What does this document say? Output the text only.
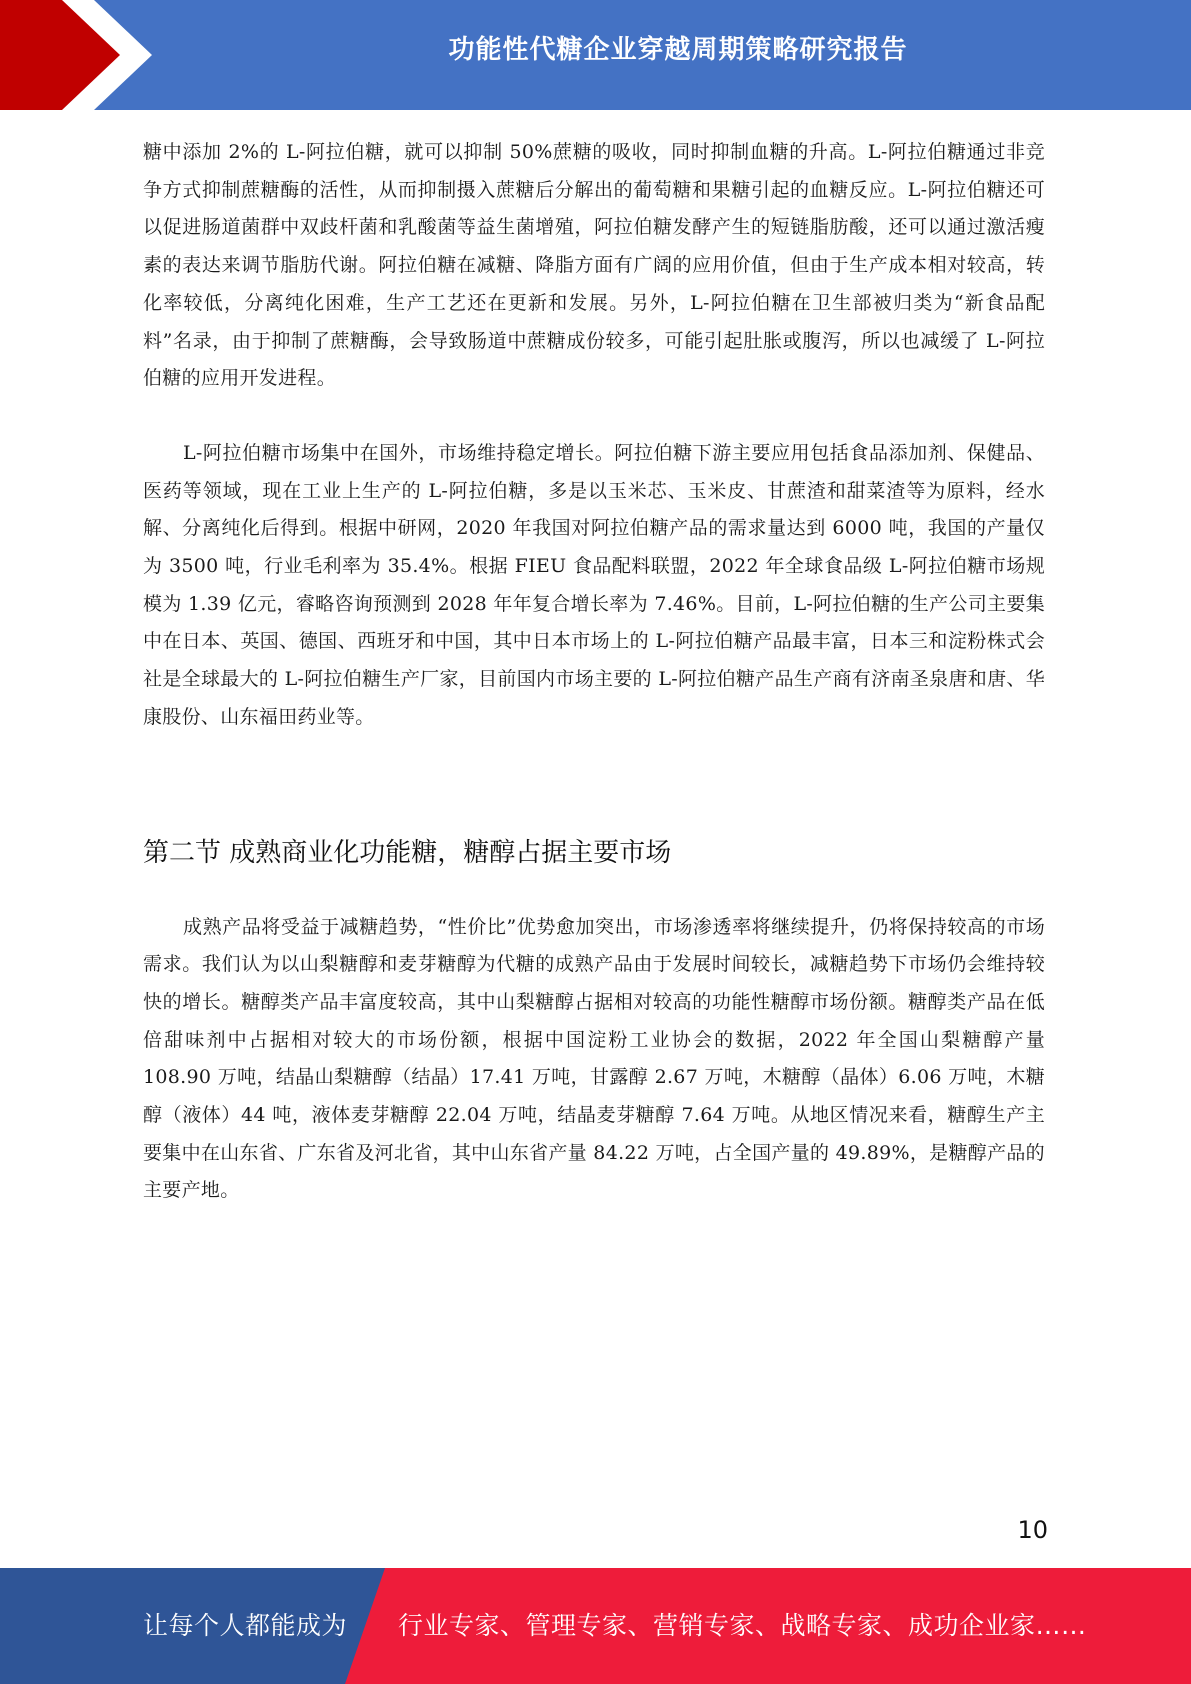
功能性代糖企业穿越周期策略研究报告

糖中添加 2%的 L-阿拉伯糖，就可以抑制 50%蔗糖的吸收，同时抑制血糖的升高。L-阿拉伯糖通过非竞争方式抑制蔗糖酶的活性，从而抑制摄入蔗糖后分解出的葡萄糖和果糖引起的血糖反应。L-阿拉伯糖还可以促进肠道菌群中双歧杆菌和乳酸菌等益生菌增殖，阿拉伯糖发酵产生的短链脂肪酸，还可以通过激活瘦素的表达来调节脂肪代谢。阿拉伯糖在减糖、降脂方面有广阔的应用价值，但由于生产成本相对较高，转化率较低，分离纯化困难，生产工艺还在更新和发展。另外，L-阿拉伯糖在卫生部被归类为“新食品配料”名录，由于抑制了蔗糖酶，会导致肠道中蔗糖成份较多，可能引起肚胀或腹泻，所以也减缓了 L-阿拉伯糖的应用开发进程。

L-阿拉伯糖市场集中在国外，市场维持稳定增长。阿拉伯糖下游主要应用包括食品添加剂、保健品、医药等领域，现在工业上生产的 L-阿拉伯糖，多是以玉米芯、玉米皮、甘蔗渣和甜菜渣等为原料，经水解、分离纯化后得到。根据中研网，2020 年我国对阿拉伯糖产品的需求量达到 6000 吨，我国的产量仅为 3500 吨，行业毛利率为 35.4%。根据 FIEU 食品配料联盟，2022 年全球食品级 L-阿拉伯糖市场规模为 1.39 亿元，睿略咨询预测到 2028 年年复合增长率为 7.46%。目前，L-阿拉伯糖的生产公司主要集中在日本、英国、德国、西班牙和中国，其中日本市场上的 L-阿拉伯糖产品最丰富，日本三和淀粉株式会社是全球最大的 L-阿拉伯糖生产厂家，目前国内市场主要的 L-阿拉伯糖产品生产商有济南圣泉唐和唐、华康股份、山东福田药业等。

第二节 成熟商业化功能糖，糖醇占据主要市场

成熟产品将受益于减糖趋势，“性价比”优势愈加突出，市场渗透率将继续提升，仍将保持较高的市场需求。我们认为以山梨糖醇和麦芽糖醇为代糖的成熟产品由于发展时间较长，减糖趋势下市场仍会维持较快的增长。糖醇类产品丰富度较高，其中山梨糖醇占据相对较高的功能性糖醇市场份额。糖醇类产品在低倍甜味剂中占据相对较大的市场份额，根据中国淀粉工业协会的数据，2022 年全国山梨糖醇产量 108.90 万吨，结晶山梨糖醇（结晶）17.41 万吨，甘露醇 2.67 万吨，木糖醇（晶体）6.06 万吨，木糖醇（液体）44 吨，液体麦芽糖醇 22.04 万吨，结晶麦芽糖醇 7.64 万吨。从地区情况来看，糖醇生产主要集中在山东省、广东省及河北省，其中山东省产量 84.22 万吨，占全国产量的 49.89%，是糖醇产品的主要产地。

10
让每个人都能成为 行业专家、管理专家、营销专家、战略专家、成功企业家……
